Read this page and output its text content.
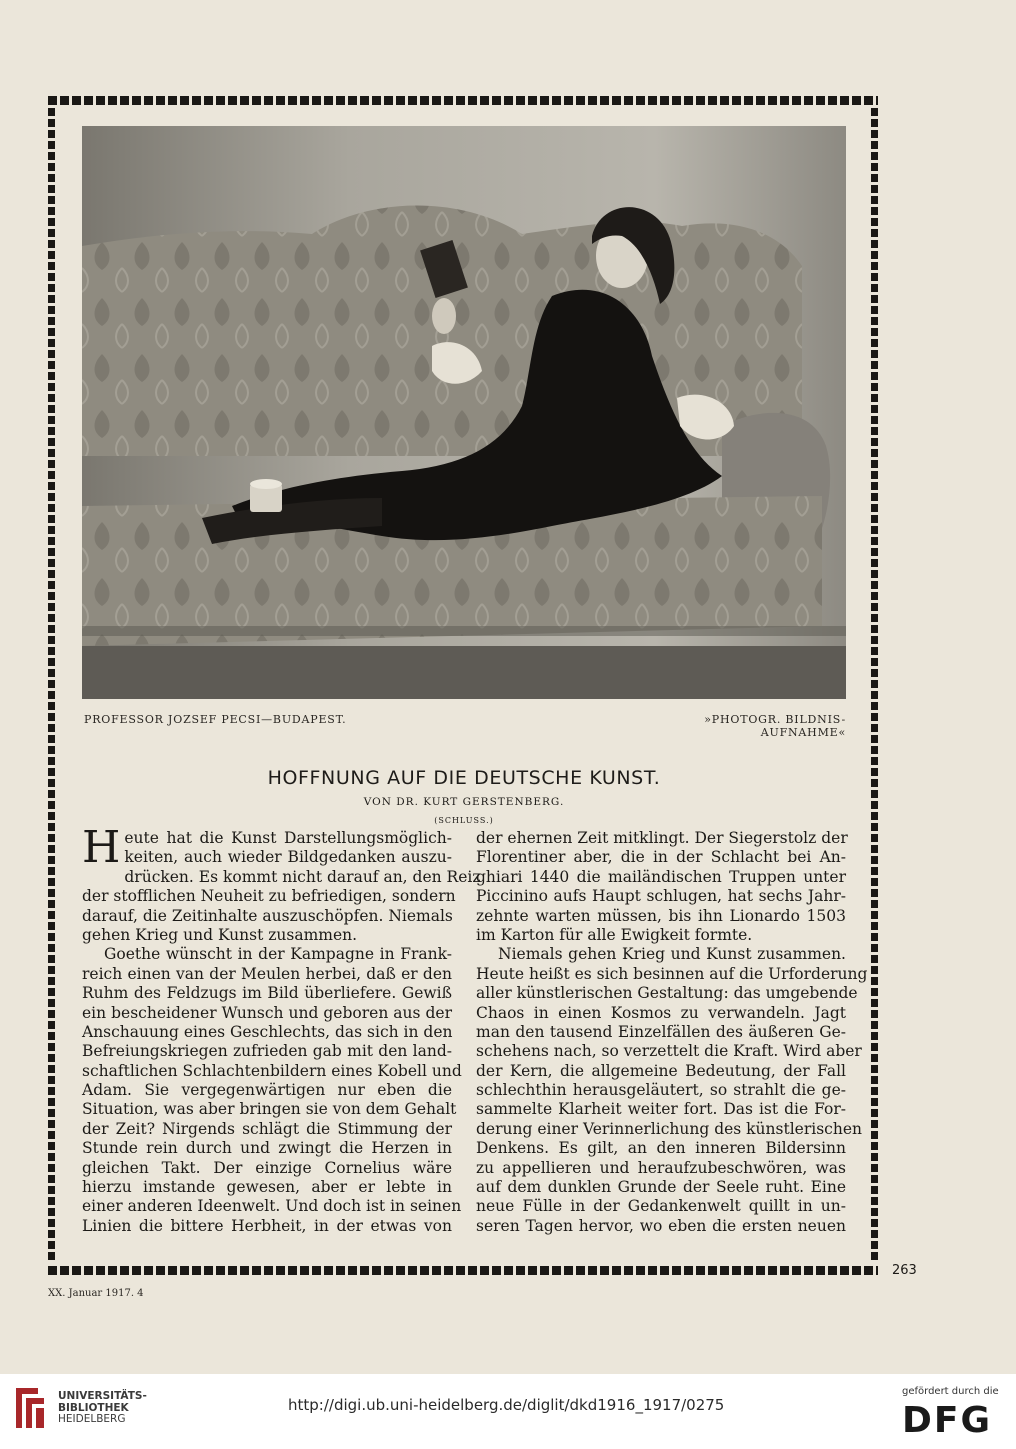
PROFESSOR JOZSEF PECSI—BUDAPEST.	»PHOTOGR. BILDNIS-AUFNAHME«
HOFFNUNG AUF DIE DEUTSCHE KUNST.
VON DR. KURT GERSTENBERG.
(SCHLUSS.)

H eute hat die Kunst Darstellungsmöglich-
keiten, auch wieder Bildgedanken auszu-
drücken. Es kommt nicht darauf an, den Reiz
der stofflichen Neuheit zu befriedigen, sondern
darauf, die Zeitinhalte auszuschöpfen. Niemals
gehen Krieg und Kunst zusammen.
Goethe wünscht in der Kampagne in Frank-
reich einen van der Meulen herbei, daß er den
Ruhm des Feldzugs im Bild überliefere. Gewiß
ein bescheidener Wunsch und geboren aus der
Anschauung eines Geschlechts, das sich in den
Befreiungskriegen zufrieden gab mit den land-
schaftlichen Schlachtenbildern eines Kobell und
Adam. Sie vergegenwärtigen nur eben die
Situation, was aber bringen sie von dem Gehalt
der Zeit? Nirgends schlägt die Stimmung der
Stunde rein durch und zwingt die Herzen in
gleichen Takt. Der einzige Cornelius wäre
hierzu imstande gewesen, aber er lebte in
einer anderen Ideenwelt. Und doch ist in seinen
Linien die bittere Herbheit, in der etwas von

der ehernen Zeit mitklingt. Der Siegerstolz der
Florentiner aber, die in der Schlacht bei An-
ghiari 1440 die mailändischen Truppen unter
Piccinino aufs Haupt schlugen, hat sechs Jahr-
zehnte warten müssen, bis ihn Lionardo 1503
im Karton für alle Ewigkeit formte.
Niemals gehen Krieg und Kunst zusammen.
Heute heißt es sich besinnen auf die Urforderung
aller künstlerischen Gestaltung: das umgebende
Chaos in einen Kosmos zu verwandeln. Jagt
man den tausend Einzelfällen des äußeren Ge-
schehens nach, so verzettelt die Kraft. Wird aber
der Kern, die allgemeine Bedeutung, der Fall
schlechthin herausgeläutert, so strahlt die ge-
sammelte Klarheit weiter fort. Das ist die For-
derung einer Verinnerlichung des künstlerischen
Denkens. Es gilt, an den inneren Bildersinn
zu appellieren und heraufzubeschwören, was
auf dem dunklen Grunde der Seele ruht. Eine
neue Fülle in der Gedankenwelt quillt in un-
seren Tagen hervor, wo eben die ersten neuen

263
XX. Januar 1917. 4
UNIVERSITÄTS-
BIBLIOTHEK
HEIDELBERG
http://digi.ub.uni-heidelberg.de/diglit/dkd1916_1917/0275
gefördert durch die
DFG
